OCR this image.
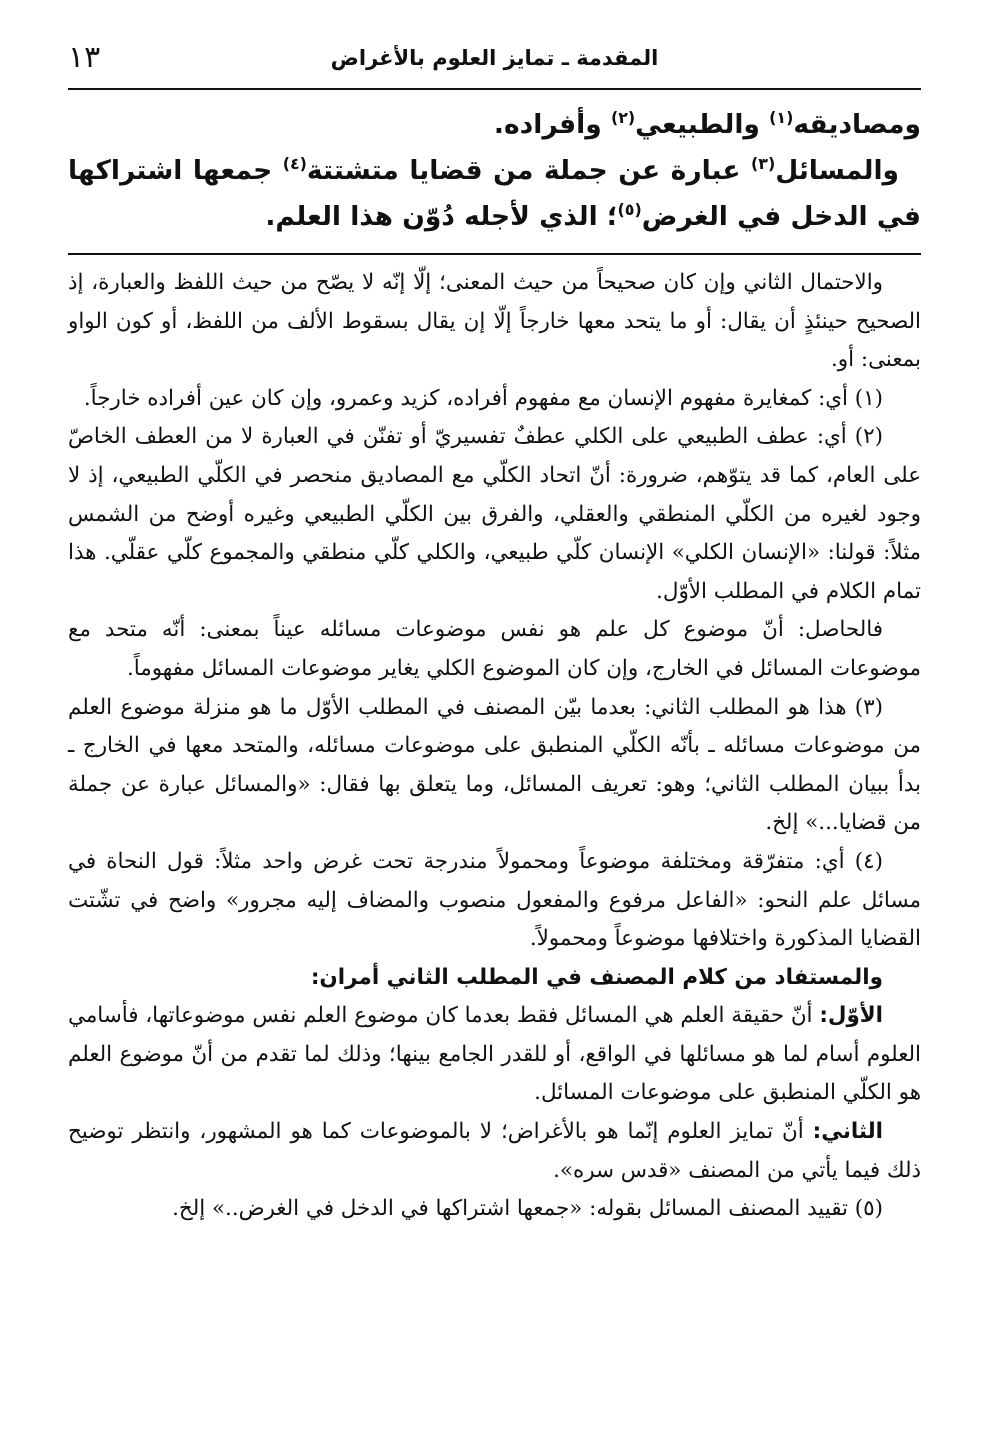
المقدمة ـ تمايز العلوم بالأغراض
١٣

ومصاديقه$^{(١)}$ والطبيعي$^{(٢)}$ وأفراده.

والمسائل$^{(٣)}$ عبارة عن جملة من قضايا متشتتة$^{(٤)}$ جمعها اشتراكها في الدخل في الغرض$^{(٥)}$؛ الذي لأجله دُوّن هذا العلم.

والاحتمال الثاني وإن كان صحيحاً من حيث المعنى؛ إلّا إنّه لا يصّح من حيث اللفظ والعبارة، إذ الصحيح حينئذٍ أن يقال: أو ما يتحد معها خارجاً إلّا إن يقال بسقوط الألف من اللفظ، أو كون الواو بمعنى: أو.

(١) أي: كمغايرة مفهوم الإنسان مع مفهوم أفراده، كزيد وعمرو، وإن كان عين أفراده خارجاً.

(٢) أي: عطف الطبيعي على الكلي عطفٌ تفسيريّ أو تفنّن في العبارة لا من العطف الخاصّ على العام، كما قد يتوّهم، ضرورة: أنّ اتحاد الكلّي مع المصاديق منحصر في الكلّي الطبيعي، إذ لا وجود لغيره من الكلّي المنطقي والعقلي، والفرق بين الكلّي الطبيعي وغيره أوضح من الشمس مثلاً: قولنا: «الإنسان الكلي» الإنسان كلّي طبيعي، والكلي كلّي منطقي والمجموع كلّي عقلّي. هذا تمام الكلام في المطلب الأوّل.

فالحاصل: أنّ موضوع كل علم هو نفس موضوعات مسائله عيناً بمعنى: أنّه متحد مع موضوعات المسائل في الخارج، وإن كان الموضوع الكلي يغاير موضوعات المسائل مفهوماً.

(٣) هذا هو المطلب الثاني: بعدما بيّن المصنف في المطلب الأوّل ما هو منزلة موضوع العلم من موضوعات مسائله ـ بأنّه الكلّي المنطبق على موضوعات مسائله، والمتحد معها في الخارج ـ بدأ ببيان المطلب الثاني؛ وهو: تعريف المسائل، وما يتعلق بها فقال: «والمسائل عبارة عن جملة من قضايا...» إلخ.

(٤) أي: متفرّقة ومختلفة موضوعاً ومحمولاً مندرجة تحت غرض واحد مثلاً: قول النحاة في مسائل علم النحو: «الفاعل مرفوع والمفعول منصوب والمضاف إليه مجرور» واضح في تشّتت القضايا المذكورة واختلافها موضوعاً ومحمولاً.

والمستفاد من كلام المصنف في المطلب الثاني أمران:

الأوّل: أنّ حقيقة العلم هي المسائل فقط بعدما كان موضوع العلم نفس موضوعاتها، فأسامي العلوم أسام لما هو مسائلها في الواقع، أو للقدر الجامع بينها؛ وذلك لما تقدم من أنّ موضوع العلم هو الكلّي المنطبق على موضوعات المسائل.

الثاني: أنّ تمايز العلوم إنّما هو بالأغراض؛ لا بالموضوعات كما هو المشهور، وانتظر توضيح ذلك فيما يأتي من المصنف «قدس سره».

(٥) تقييد المصنف المسائل بقوله: «جمعها اشتراكها في الدخل في الغرض..» إلخ.
